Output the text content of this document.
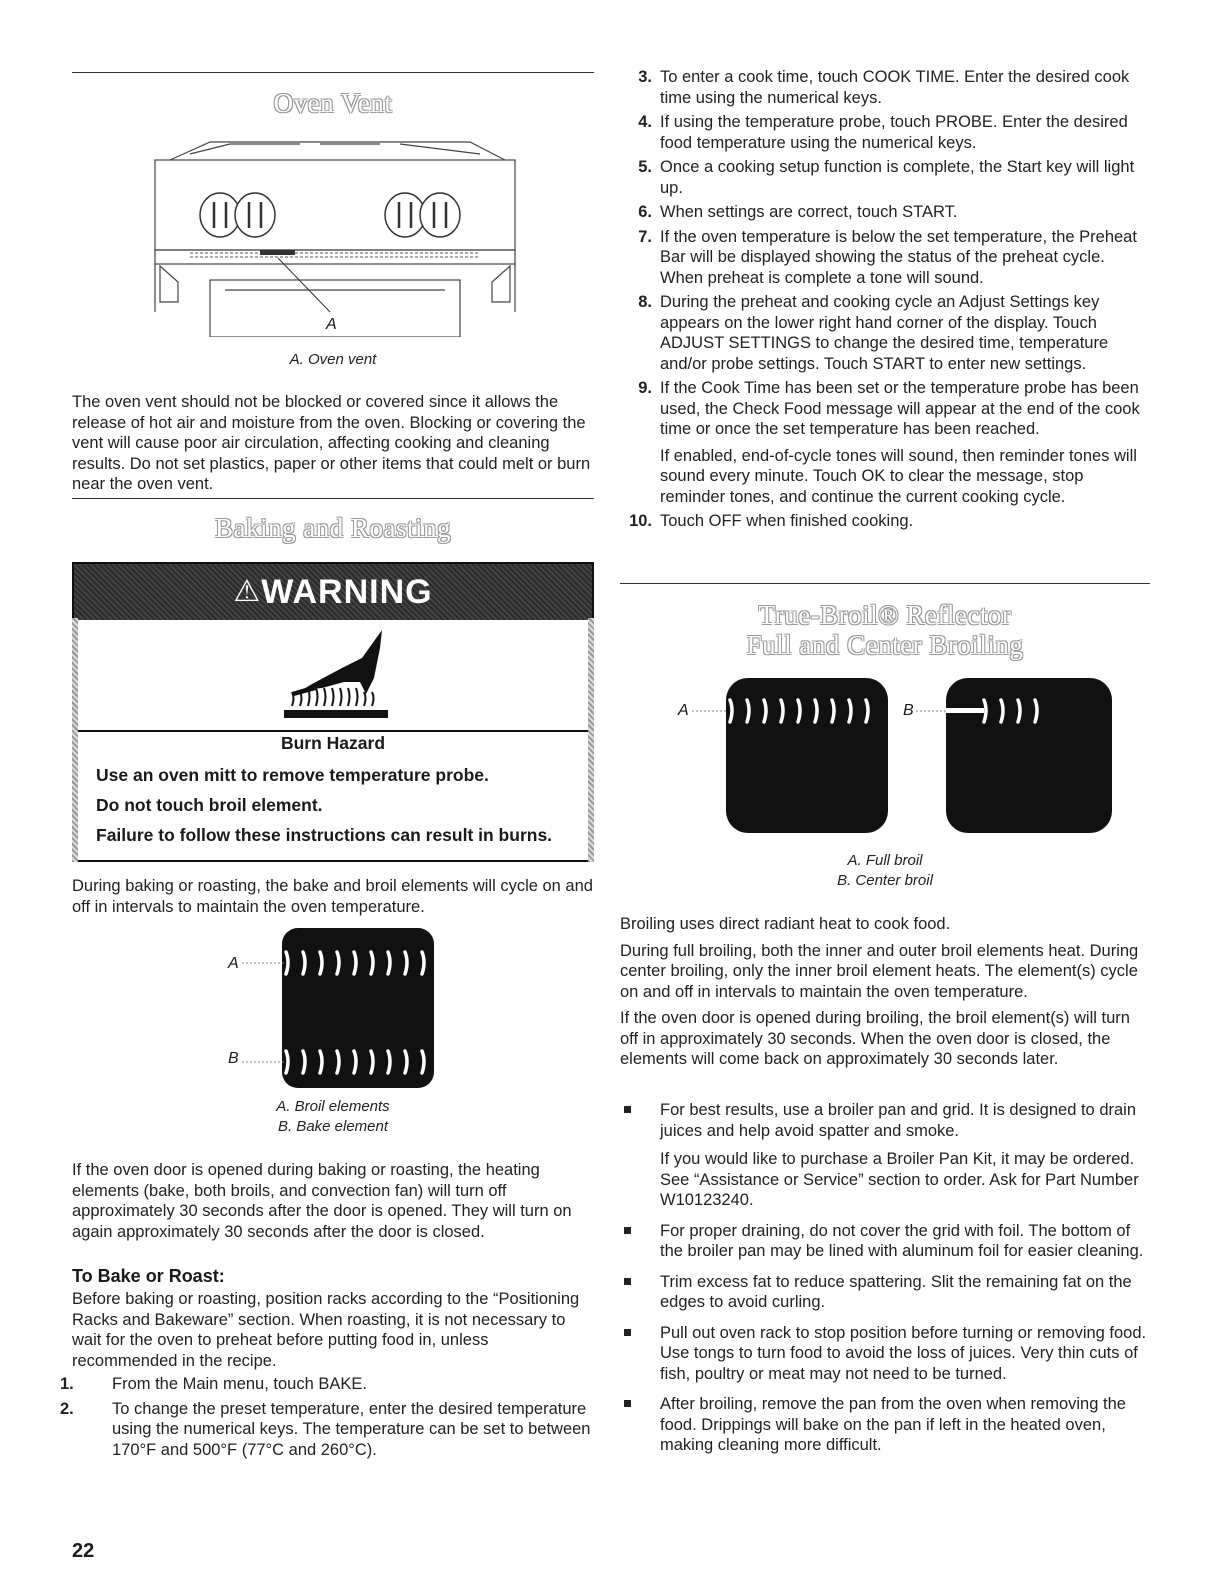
Oven Vent
A
A. Oven vent
The oven vent should not be blocked or covered since it allows the release of hot air and moisture from the oven. Blocking or covering the vent will cause poor air circulation, affecting cooking and cleaning results. Do not set plastics, paper or other items that could melt or burn near the oven vent.
Baking and Roasting
⚠WARNING
Burn Hazard
Use an oven mitt to remove temperature probe.
Do not touch broil element.
Failure to follow these instructions can result in burns.
During baking or roasting, the bake and broil elements will cycle on and off in intervals to maintain the oven temperature.
A
B
A. Broil elements
B. Bake element
If the oven door is opened during baking or roasting, the heating elements (bake, both broils, and convection fan) will turn off approximately 30 seconds after the door is opened. They will turn on again approximately 30 seconds after the door is closed.
To Bake or Roast:
Before baking or roasting, position racks according to the “Positioning Racks and Bakeware” section. When roasting, it is not necessary to wait for the oven to preheat before putting food in, unless recommended in the recipe.
1. From the Main menu, touch BAKE.
2. To change the preset temperature, enter the desired temperature using the numerical keys. The temperature can be set to between 170°F and 500°F (77°C and 260°C).
22
3. To enter a cook time, touch COOK TIME. Enter the desired cook time using the numerical keys.
4. If using the temperature probe, touch PROBE. Enter the desired food temperature using the numerical keys.
5. Once a cooking setup function is complete, the Start key will light up.
6. When settings are correct, touch START.
7. If the oven temperature is below the set temperature, the Preheat Bar will be displayed showing the status of the preheat cycle. When preheat is complete a tone will sound.
8. During the preheat and cooking cycle an Adjust Settings key appears on the lower right hand corner of the display. Touch ADJUST SETTINGS to change the desired time, temperature and/or probe settings. Touch START to enter new settings.
9. If the Cook Time has been set or the temperature probe has been used, the Check Food message will appear at the end of the cook time or once the set temperature has been reached.
If enabled, end-of-cycle tones will sound, then reminder tones will sound every minute. Touch OK to clear the message, stop reminder tones, and continue the current cooking cycle.
10. Touch OFF when finished cooking.
True-Broil® Reflector
Full and Center Broiling
A	B
A. Full broil
B. Center broil

Broiling uses direct radiant heat to cook food.

During full broiling, both the inner and outer broil elements heat. During center broiling, only the inner broil element heats. The element(s) cycle on and off in intervals to maintain the oven temperature.

If the oven door is opened during broiling, the broil element(s) will turn off in approximately 30 seconds. When the oven door is closed, the elements will come back on approximately 30 seconds later.

For best results, use a broiler pan and grid. It is designed to drain juices and help avoid spatter and smoke.
If you would like to purchase a Broiler Pan Kit, it may be ordered. See “Assistance or Service” section to order. Ask for Part Number W10123240.
For proper draining, do not cover the grid with foil. The bottom of the broiler pan may be lined with aluminum foil for easier cleaning.
Trim excess fat to reduce spattering. Slit the remaining fat on the edges to avoid curling.
Pull out oven rack to stop position before turning or removing food. Use tongs to turn food to avoid the loss of juices. Very thin cuts of fish, poultry or meat may not need to be turned.
After broiling, remove the pan from the oven when removing the food. Drippings will bake on the pan if left in the heated oven, making cleaning more difficult.
